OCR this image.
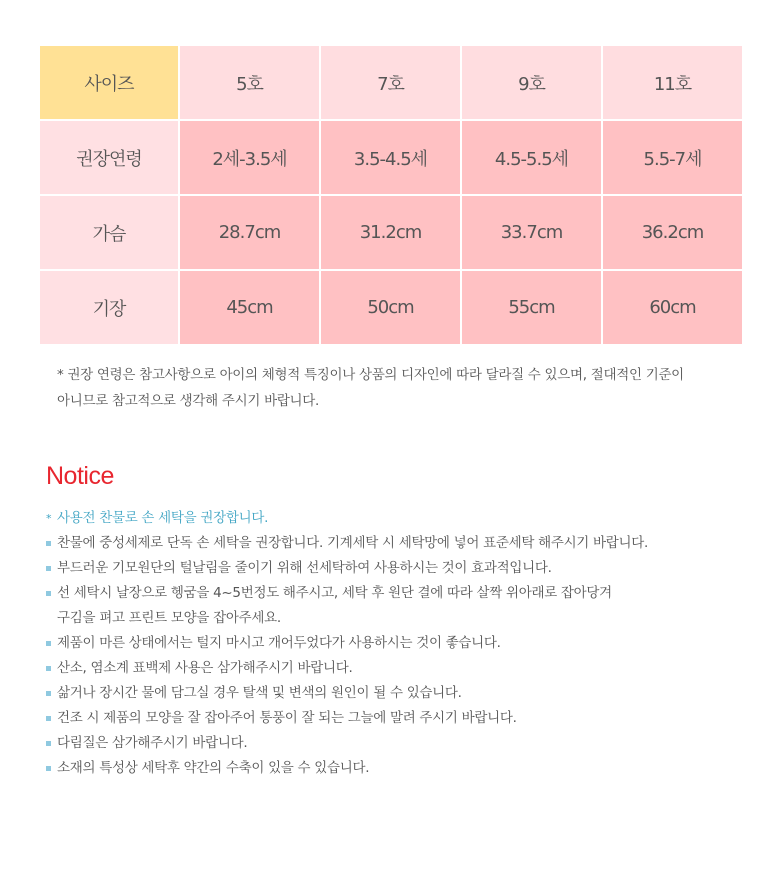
사이즈	5호	7호	9호	11호
권장연령	2세-3.5세	3.5-4.5세	4.5-5.5세	5.5-7세
가슴	28.7cm	31.2cm	33.7cm	36.2cm
기장	45cm	50cm	55cm	60cm
* 권장 연령은 참고사항으로 아이의 체형적 특징이나 상품의 디자인에 따라 달라질 수 있으며, 절대적인 기준이
아니므로 참고적으로 생각해 주시기 바랍니다.
Notice
* 사용전 찬물로 손 세탁을 권장합니다.
찬물에 중성세제로 단독 손 세탁을 권장합니다. 기계세탁 시 세탁망에 넣어 표준세탁 해주시기 바랍니다.
부드러운 기모원단의 털날림을 줄이기 위해 선세탁하여 사용하시는 것이 효과적입니다.
선 세탁시 날장으로 헹굼을 4~5번정도 해주시고, 세탁 후 원단 결에 따라 살짝 위아래로 잡아당겨
구김을 펴고 프린트 모양을 잡아주세요.
제품이 마른 상태에서는 털지 마시고 개어두었다가 사용하시는 것이 좋습니다.
산소, 염소계 표백제 사용은 삼가해주시기 바랍니다.
삶거나 장시간 물에 담그실 경우 탈색 및 변색의 원인이 될 수 있습니다.
건조 시 제품의 모양을 잘 잡아주어 통풍이 잘 되는 그늘에 말려 주시기 바랍니다.
다림질은 삼가해주시기 바랍니다.
소재의 특성상 세탁후 약간의 수축이 있을 수 있습니다.
